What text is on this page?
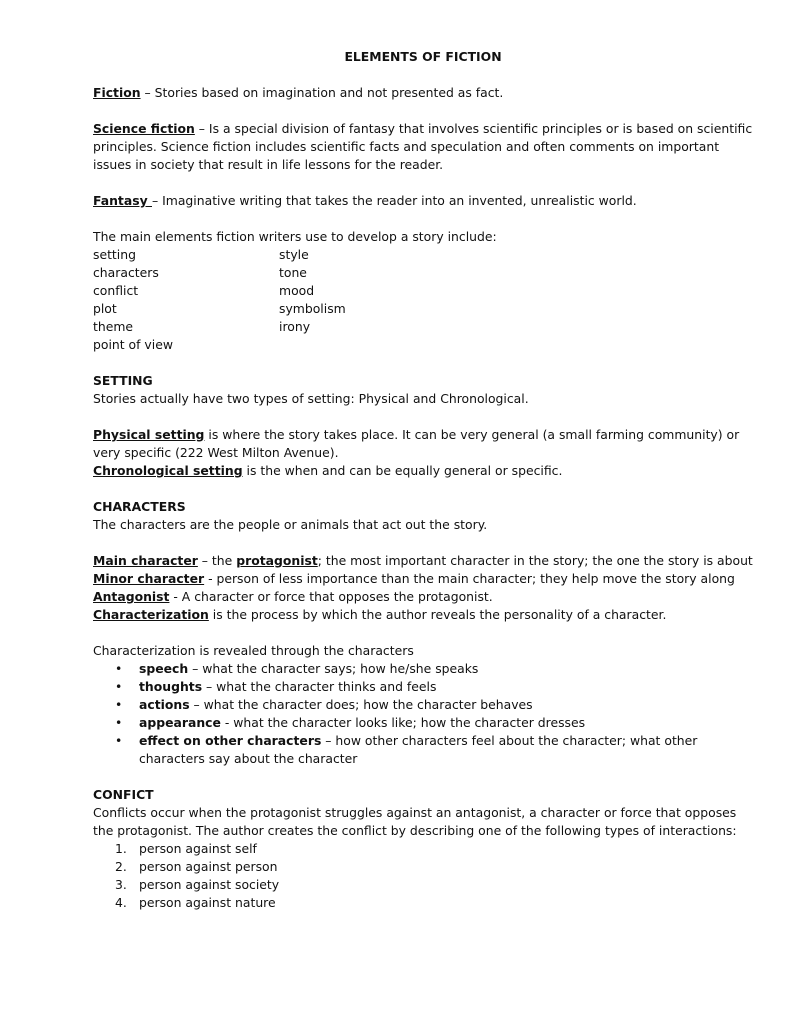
ELEMENTS OF FICTION

Fiction – Stories based on imagination and not presented as fact.

Science fiction – Is a special division of fantasy that involves scientific principles or is based on scientific principles. Science fiction includes scientific facts and speculation and often comments on important issues in society that result in life lessons for the reader.

Fantasy – Imaginative writing that takes the reader into an invented, unrealistic world.

The main elements fiction writers use to develop a story include:

setting	style
characters	tone
conflict	mood
plot	symbolism
theme	irony
point of view

SETTING

Stories actually have two types of setting: Physical and Chronological.

Physical setting is where the story takes place. It can be very general (a small farming community) or very specific (222 West Milton Avenue).

Chronological setting is the when and can be equally general or specific.

CHARACTERS

The characters are the people or animals that act out the story.

Main character – the protagonist; the most important character in the story; the one the story is about

Minor character - person of less importance than the main character; they help move the story along

Antagonist - A character or force that opposes the protagonist.

Characterization is the process by which the author reveals the personality of a character.

Characterization is revealed through the characters

• speech – what the character says; how he/she speaks
• thoughts – what the character thinks and feels
• actions – what the character does; how the character behaves
• appearance - what the character looks like; how the character dresses
• effect on other characters – how other characters feel about the character; what other characters say about the character

CONFICT

Conflicts occur when the protagonist struggles against an antagonist, a character or force that opposes the protagonist. The author creates the conflict by describing one of the following types of interactions:

1. person against self
2. person against person
3. person against society
4. person against nature
